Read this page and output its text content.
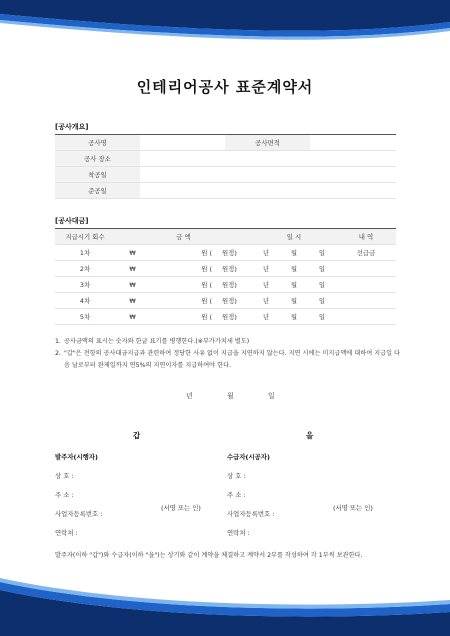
인테리어공사 표준계약서
[공사개요]
공사명		공사면적	
공사 장소			
착공일			
준공일			
[공사대금]
지급시기 회수	금 액				일 시			내 역
1차	₩	원 (		원정)	년	월	일	선급금
2차	₩	원 (		원정)	년	월	일	
3차	₩	원 (		원정)	년	월	일	
4차	₩	원 (		원정)	년	월	일	
5차	₩	원 (		원정)	년	월	일	
1. 공사금액의 표시는 숫자와 한글 표기를 병행한다.(※부가가치세 별도)
2. "갑"은 전항의 공사대금지급과 관련하여 정당한 사유 없이 지급을 지연하지 않는다. 지연 시에는 미지급액에 대하여 지급일 다음 날로부터 완제일까지 연5%의 지연이자를 지급하여야 한다.
년	월	일
갑	을
발주자(시행자)
상 호 :
주 소 :
사업자등록번호 :
연락처 :
(서명 또는 인)
수급자(시공자)
상 호 :
주 소 :
사업자등록번호 :
연락처 :
(서명 또는 인)
발주자(이하 "갑")와 수급자(이하 "을")는 상기와 같이 계약을 체결하고 계약서 2부를 작성하여 각 1부씩 보관한다.
